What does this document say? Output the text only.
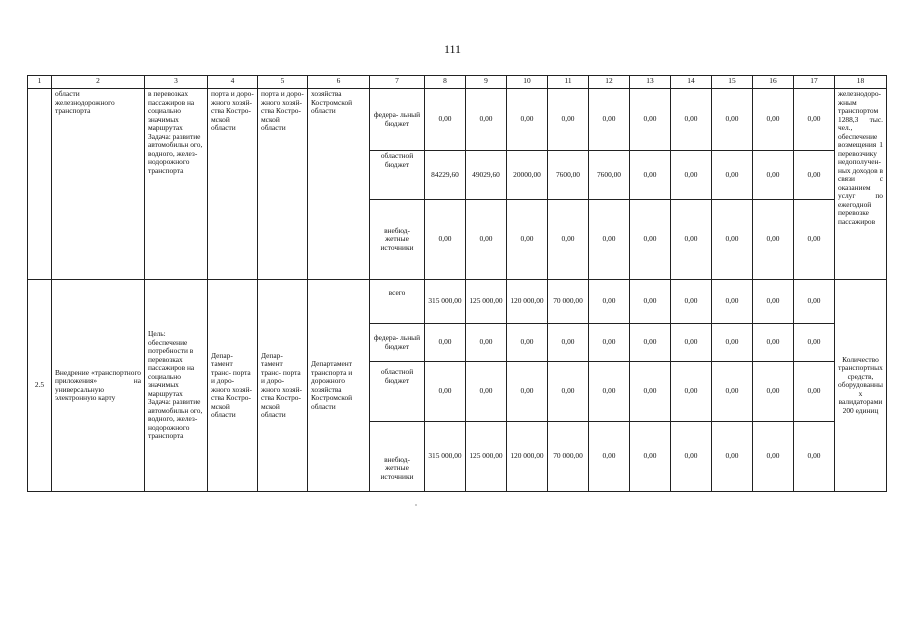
111
1	2	3	4	5	6	7	8	9	10	11	12	13	14	15	16	17	18
	области железнодорожного транспорта	в перевозках пассажиров на социально значимых маршрутах Задача: развитие автомобильн ого, водного, желез- нодорожного транспорта	порта и доро- жного хозяй- ства Костро- мской области	порта и доро- жного хозяй- ства Костро- мской области	хозяйства Костромской области	федера- льный бюджет	0,00	0,00	0,00	0,00	0,00	0,00	0,00	0,00	0,00	0,00	железнодоро- жным транспортом 1288,3 тыс. чел., обеспечение возмещения 1 перевозчику недополучен- ных доходов в связи с оказанием услуг по ежегодной перевозке пассажиров
						областной бюджет	84229,60	49029,60	20000,00	7600,00	7600,00	0,00	0,00	0,00	0,00	0,00	
						внебюд- жетные источники	0,00	0,00	0,00	0,00	0,00	0,00	0,00	0,00	0,00	0,00	
2.5	Внедрение «транспортного приложения» на универсальную электронную карту	Цель: обеспечение потребности в перевозках пассажиров на социально значимых маршрутах Задача: развитие автомобильн ого, водного, желез- нодорожного транспорта	Депар- тамент транс- порта и доро- жного хозяй- ства Костро- мской области	Депар- тамент транс- порта и доро- жного хозяй- ства Костро- мской области	Департамент транспорта и дорожного хозяйства Костромской области	всего	315 000,00	125 000,00	120 000,00	70 000,00	0,00	0,00	0,00	0,00	0,00	0,00	Количество транспортных средств, оборудованных валидаторами 200 единиц
						федера- льный бюджет	0,00	0,00	0,00	0,00	0,00	0,00	0,00	0,00	0,00	0,00	
						областной бюджет	0,00	0,00	0,00	0,00	0,00	0,00	0,00	0,00	0,00	0,00	
						внебюд- жетные источники	315 000,00	125 000,00	120 000,00	70 000,00	0,00	0,00	0,00	0,00	0,00	0,00	
